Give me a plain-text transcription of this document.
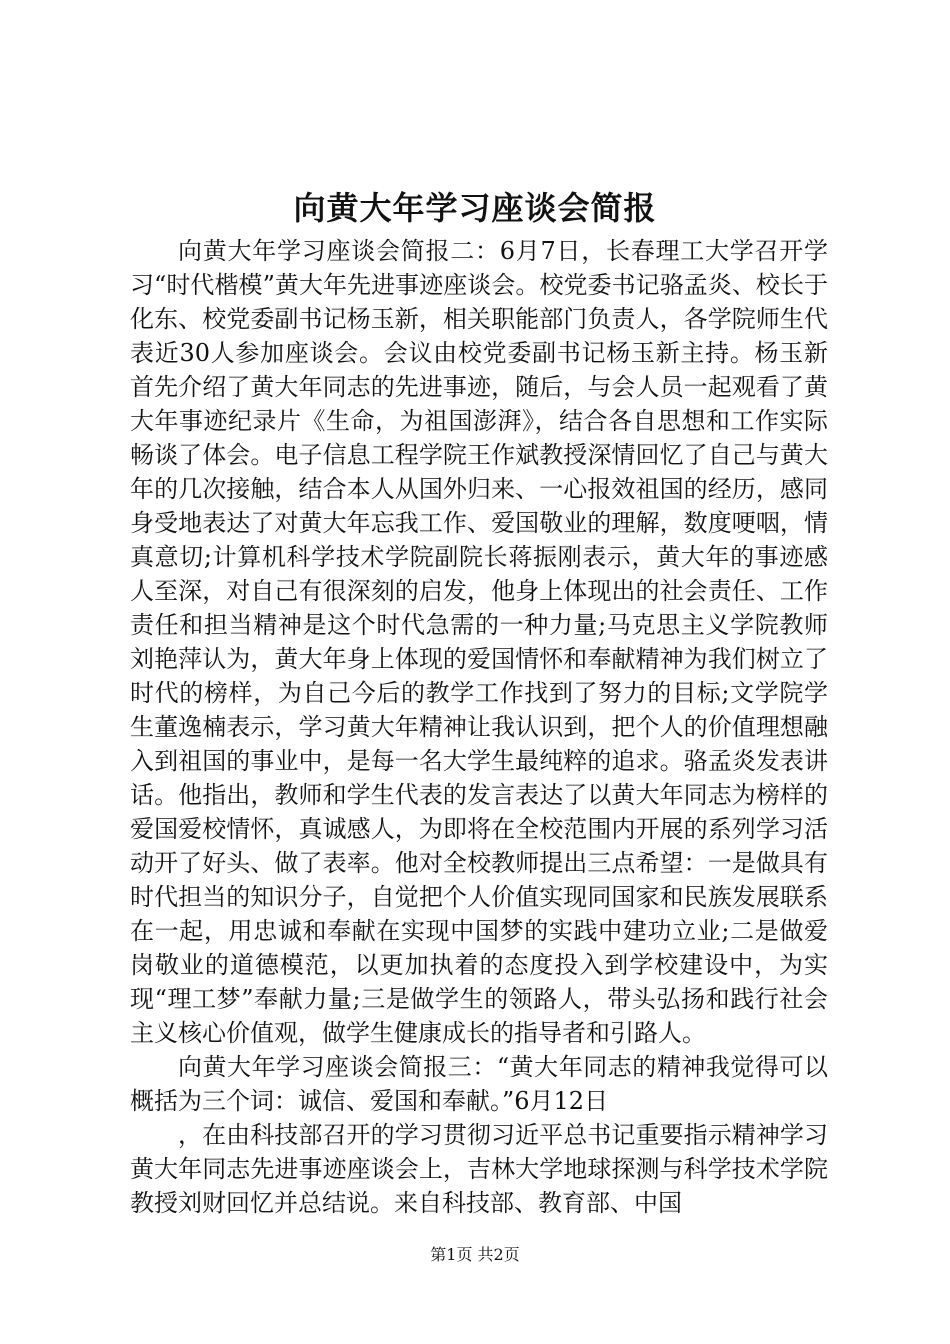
向黄大年学习座谈会简报

向黄大年学习座谈会简报二：6月7日，长春理工大学召开学习“时代楷模”黄大年先进事迹座谈会。校党委书记骆孟炎、校长于化东、校党委副书记杨玉新，相关职能部门负责人，各学院师生代表近30人参加座谈会。会议由校党委副书记杨玉新主持。杨玉新首先介绍了黄大年同志的先进事迹，随后，与会人员一起观看了黄大年事迹纪录片《生命，为祖国澎湃》，结合各自思想和工作实际畅谈了体会。电子信息工程学院王作斌教授深情回忆了自己与黄大年的几次接触，结合本人从国外归来、一心报效祖国的经历，感同身受地表达了对黄大年忘我工作、爱国敬业的理解，数度哽咽，情真意切;计算机科学技术学院副院长蒋振刚表示，黄大年的事迹感人至深，对自己有很深刻的启发，他身上体现出的社会责任、工作责任和担当精神是这个时代急需的一种力量;马克思主义学院教师刘艳萍认为，黄大年身上体现的爱国情怀和奉献精神为我们树立了时代的榜样，为自己今后的教学工作找到了努力的目标;文学院学生董逸楠表示，学习黄大年精神让我认识到，把个人的价值理想融入到祖国的事业中，是每一名大学生最纯粹的追求。骆孟炎发表讲话。他指出，教师和学生代表的发言表达了以黄大年同志为榜样的爱国爱校情怀，真诚感人，为即将在全校范围内开展的系列学习活动开了好头、做了表率。他对全校教师提出三点希望：一是做具有时代担当的知识分子，自觉把个人价值实现同国家和民族发展联系在一起，用忠诚和奉献在实现中国梦的实践中建功立业;二是做爱岗敬业的道德模范，以更加执着的态度投入到学校建设中，为实现“理工梦”奉献力量;三是做学生的领路人，带头弘扬和践行社会主义核心价值观，做学生健康成长的指导者和引路人。

向黄大年学习座谈会简报三：“黄大年同志的精神我觉得可以概括为三个词：诚信、爱国和奉献。”6月12日

，在由科技部召开的学习贯彻习近平总书记重要指示精神学习黄大年同志先进事迹座谈会上，吉林大学地球探测与科学技术学院教授刘财回忆并总结说。来自科技部、教育部、中国

第1页 共2页
